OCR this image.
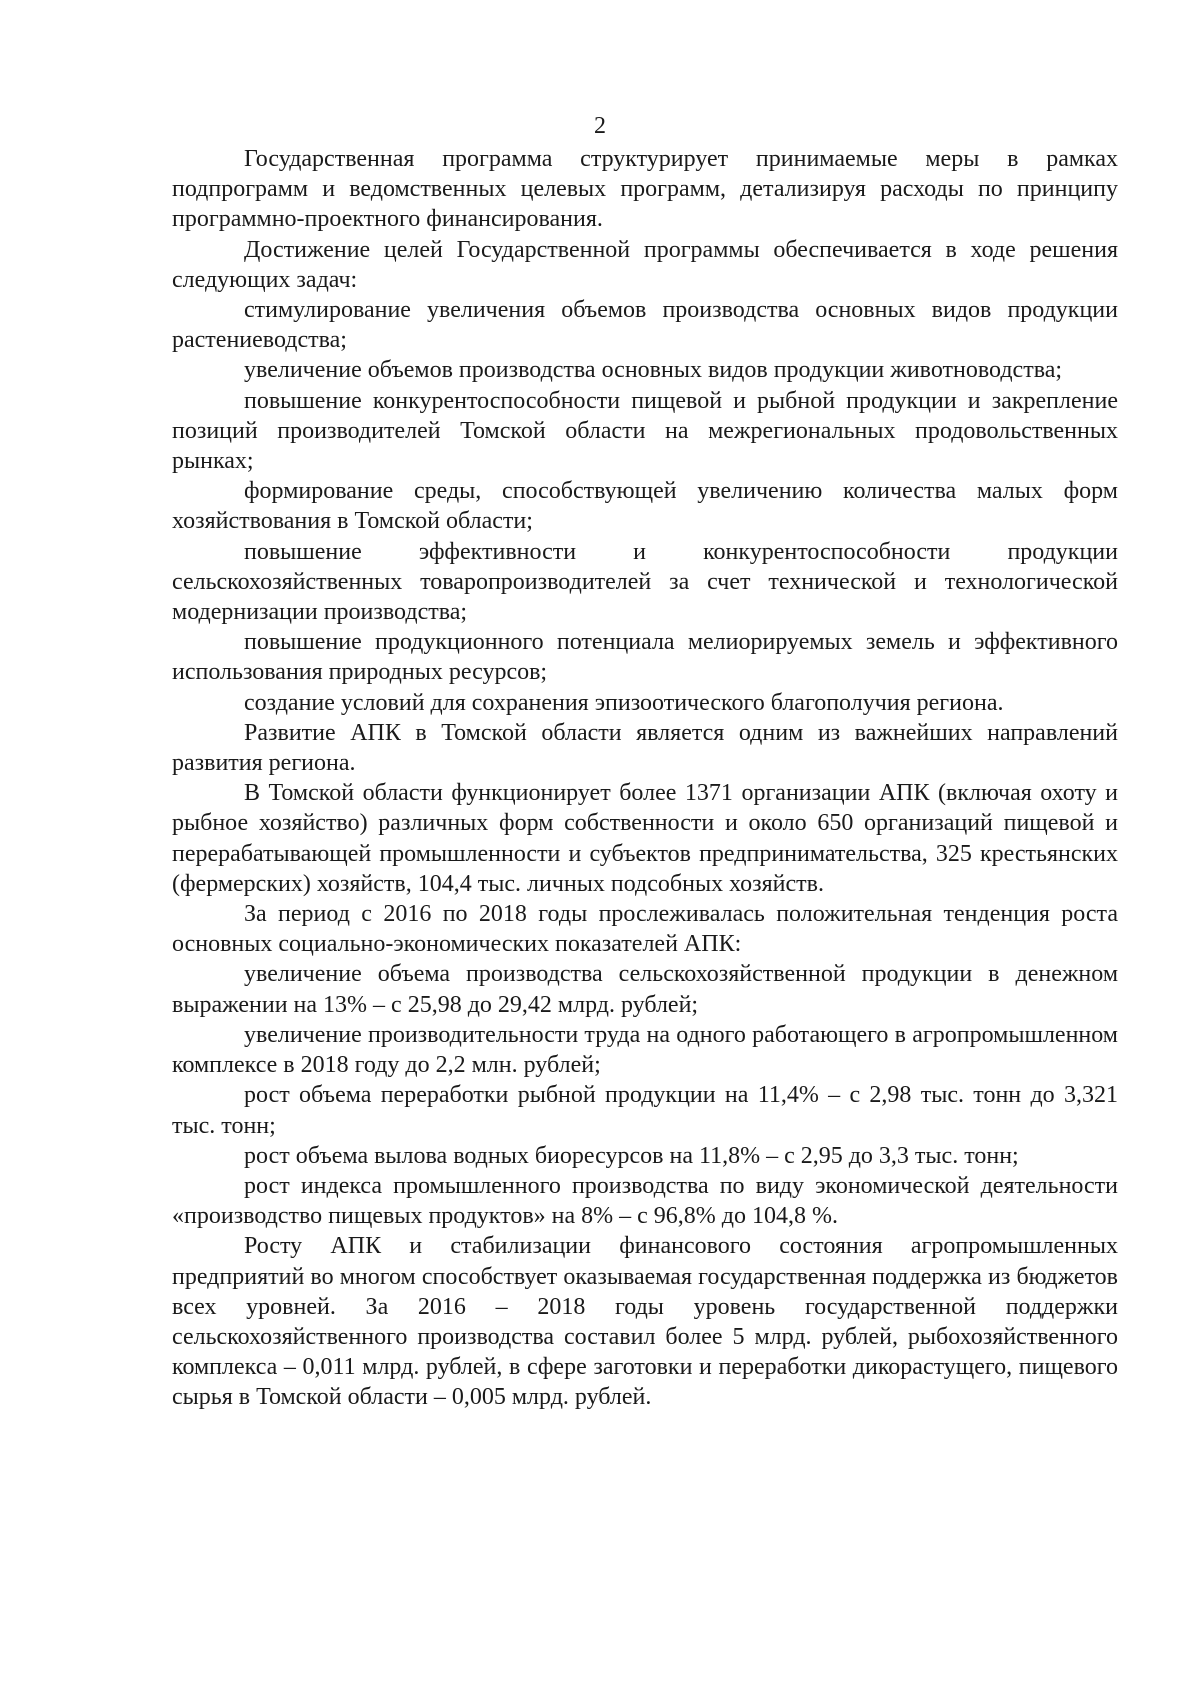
2

Государственная программа структурирует принимаемые меры в рамках подпрограмм и ведомственных целевых программ, детализируя расходы по принципу программно-проектного финансирования.

Достижение целей Государственной программы обеспечивается в ходе решения следующих задач:

стимулирование увеличения объемов производства основных видов продукции растениеводства;

увеличение объемов производства основных видов продукции животноводства;

повышение конкурентоспособности пищевой и рыбной продукции и закрепление позиций производителей Томской области на межрегиональных продовольственных рынках;

формирование среды, способствующей увеличению количества малых форм хозяйствования в Томской области;

повышение эффективности и конкурентоспособности продукции сельскохозяйственных товаропроизводителей за счет технической и технологической модернизации производства;

повышение продукционного потенциала мелиорируемых земель и эффективного использования природных ресурсов;

создание условий для сохранения эпизоотического благополучия региона.

Развитие АПК в Томской области является одним из важнейших направлений развития региона.

В Томской области функционирует более 1371 организации АПК (включая охоту и рыбное хозяйство) различных форм собственности и около 650 организаций пищевой и перерабатывающей промышленности и субъектов предпринимательства, 325 крестьянских (фермерских) хозяйств, 104,4 тыс. личных подсобных хозяйств.

За период с 2016 по 2018 годы прослеживалась положительная тенденция роста основных социально-экономических показателей АПК:

увеличение объема производства сельскохозяйственной продукции в денежном выражении на 13% – с 25,98 до 29,42 млрд. рублей;

увеличение производительности труда на одного работающего в агропромышленном комплексе в 2018 году до 2,2 млн. рублей;

рост объема переработки рыбной продукции на 11,4% – с 2,98 тыс. тонн до 3,321 тыс. тонн;

рост объема вылова водных биоресурсов на 11,8% – с 2,95 до 3,3 тыс. тонн;

рост индекса промышленного производства по виду экономической деятельности «производство пищевых продуктов» на 8% – с 96,8% до 104,8 %.

Росту АПК и стабилизации финансового состояния агропромышленных предприятий во многом способствует оказываемая государственная поддержка из бюджетов всех уровней. За 2016 – 2018 годы уровень государственной поддержки сельскохозяйственного производства составил более 5 млрд. рублей, рыбохозяйственного комплекса – 0,011 млрд. рублей, в сфере заготовки и переработки дикорастущего, пищевого сырья в Томской области – 0,005 млрд. рублей.
